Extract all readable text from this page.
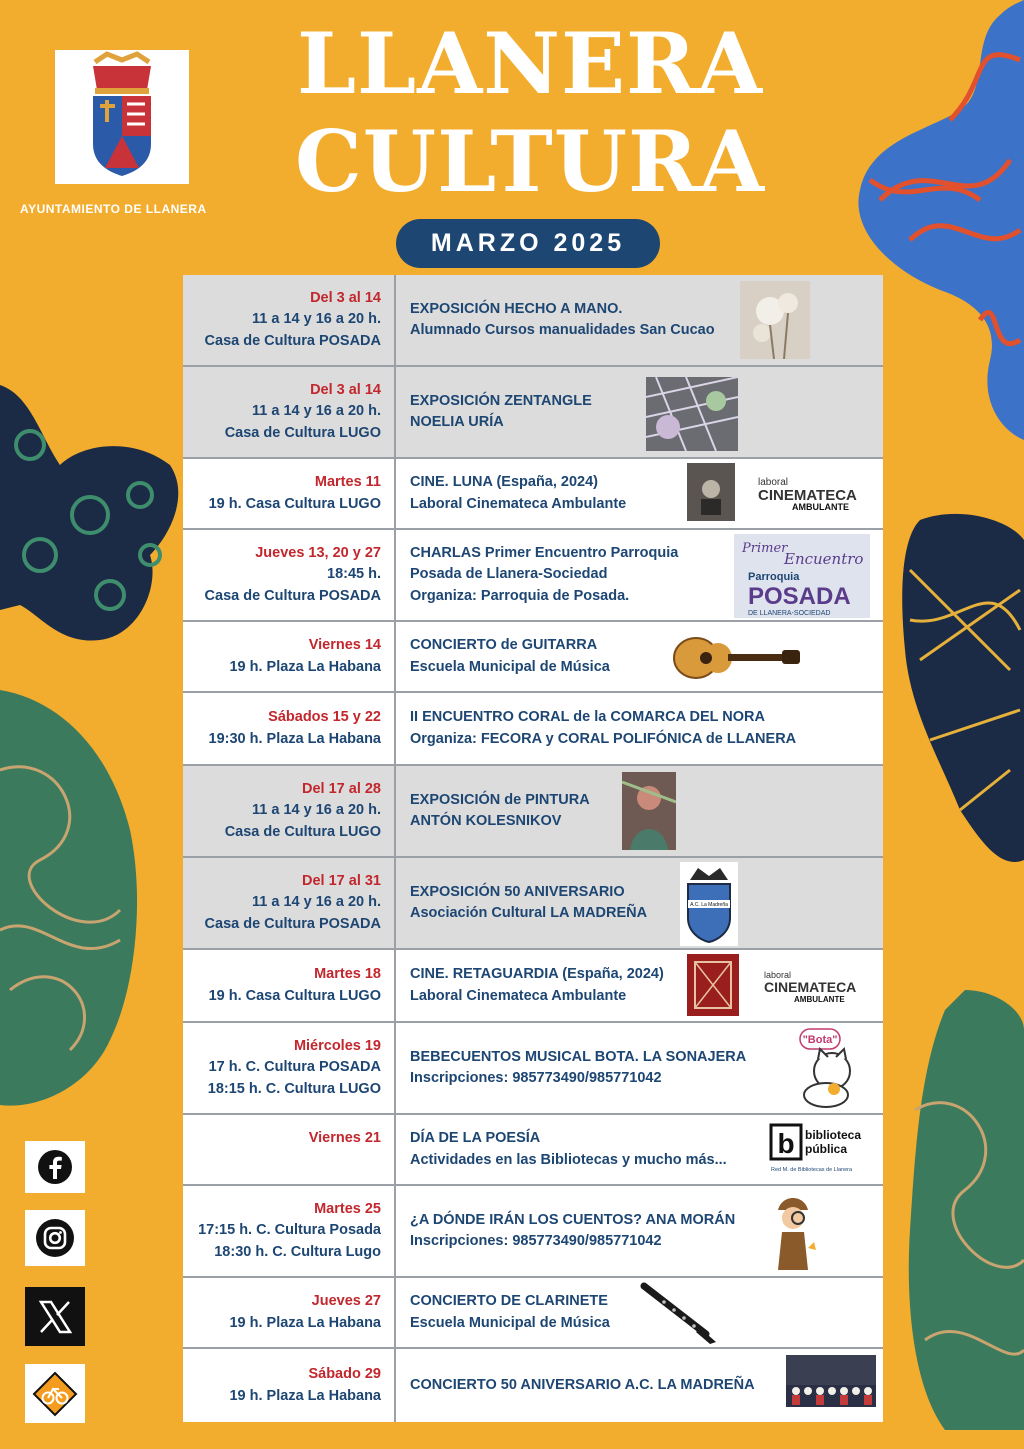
AYUNTAMIENTO DE LLANERA
LLANERA
CULTURA
MARZO 2025
Del 3 al 14
11 a 14 y 16 a 20 h.
Casa de Cultura POSADA
EXPOSICIÓN HECHO A MANO.
Alumnado Cursos manualidades San Cucao
Del 3 al 14
11 a 14 y 16 a 20 h.
Casa de Cultura LUGO
EXPOSICIÓN ZENTANGLE
NOELIA URÍA
Martes 11
19 h. Casa Cultura LUGO
CINE. LUNA (España, 2024)
Laboral Cinemateca Ambulante
laboral
CINEMATECA
AMBULANTE
Jueves 13, 20 y 27
18:45 h.
Casa de Cultura POSADA
CHARLAS Primer Encuentro Parroquia
Posada de Llanera-Sociedad
Organiza: Parroquia de Posada.
Primer
Encuentro
Parroquia
POSADA
DE LLANERA-SOCIEDAD
Viernes 14
19 h. Plaza La Habana
CONCIERTO de GUITARRA
Escuela Municipal de Música
Sábados 15 y 22
19:30 h. Plaza La Habana
II ENCUENTRO CORAL de la COMARCA DEL NORA
Organiza: FECORA y CORAL POLIFÓNICA de LLANERA
Del 17 al 28
11 a 14 y 16 a 20 h.
Casa de Cultura LUGO
EXPOSICIÓN de PINTURA
ANTÓN KOLESNIKOV
Del 17 al 31
11 a 14 y 16 a 20 h.
Casa de Cultura POSADA
EXPOSICIÓN 50 ANIVERSARIO
Asociación Cultural LA MADREÑA	A.C. La Madreña
Martes 18
19 h. Casa Cultura LUGO
CINE. RETAGUARDIA (España, 2024)
Laboral Cinemateca Ambulante
laboral
CINEMATECA
AMBULANTE
Miércoles 19
17 h. C. Cultura POSADA
18:15 h. C. Cultura LUGO
BEBECUENTOS MUSICAL BOTA. LA SONAJERA
Inscripciones: 985773490/985771042
"Bota"
Viernes 21 DÍA DE LA POESÍA
Actividades en las Bibliotecas y mucho más...
b biblioteca
pública
Red M. de Bibliotecas de Llanera
Martes 25
17:15 h. C. Cultura Posada
18:30 h. C. Cultura Lugo
¿A DÓNDE IRÁN LOS CUENTOS? ANA MORÁN
Inscripciones: 985773490/985771042
Jueves 27
19 h. Plaza La Habana
CONCIERTO DE CLARINETE
Escuela Municipal de Música
Sábado 29
19 h. Plaza La Habana
CONCIERTO 50 ANIVERSARIO A.C. LA MADREÑA
